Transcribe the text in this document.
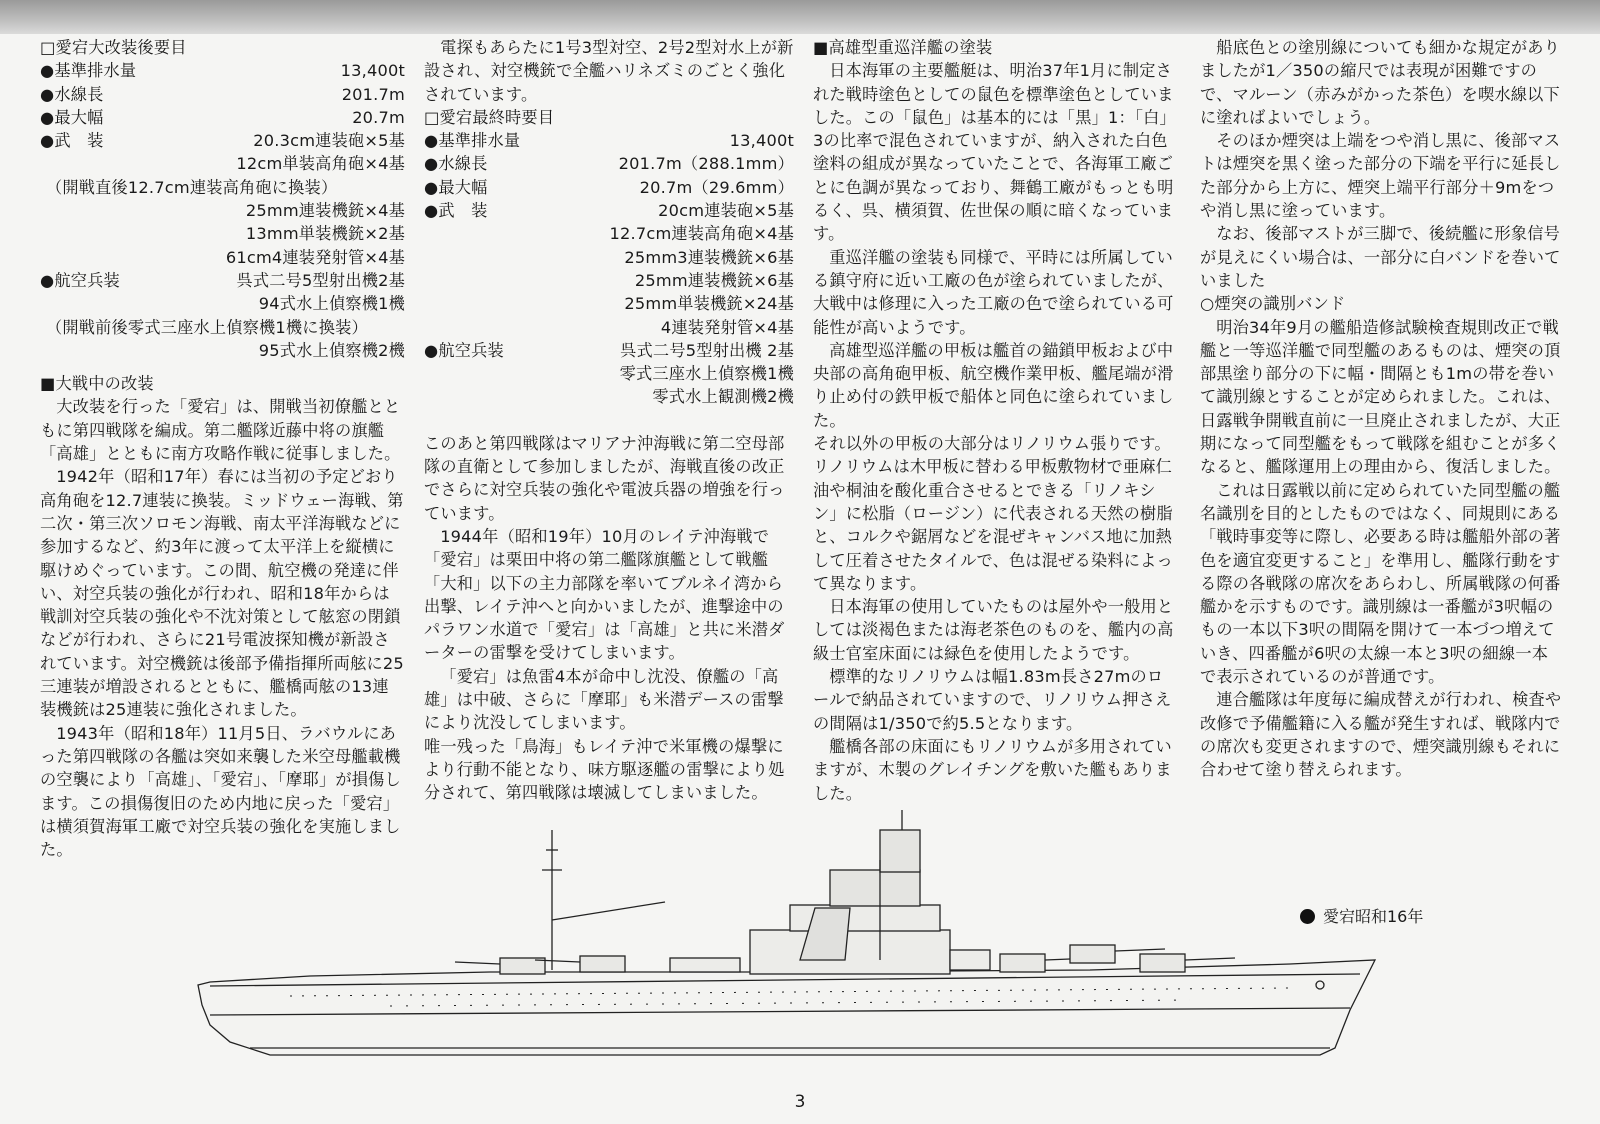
□愛宕大改装後要目

●基準排水量	13,400t

●水線長	201.7m

●最大幅	20.7m

●武　装	20.3cm連装砲×5基

12cm単装高角砲×4基

（開戦直後12.7cm連装高角砲に換装）

25mm連装機銃×4基

13mm単装機銃×2基

61cm4連装発射管×4基

●航空兵装	呉式二号5型射出機2基

94式水上偵察機1機

（開戦前後零式三座水上偵察機1機に換装）

95式水上偵察機2機

■大戦中の改装

大改装を行った「愛宕」は、開戦当初僚艦とともに第四戦隊を編成。第二艦隊近藤中将の旗艦「高雄」とともに南方攻略作戦に従事しました。

1942年（昭和17年）春には当初の予定どおり高角砲を12.7連装に換装。ミッドウェー海戦、第二次・第三次ソロモン海戦、南太平洋海戦などに参加するなど、約3年に渡って太平洋上を縦横に駆けめぐっています。この間、航空機の発達に伴い、対空兵装の強化が行われ、昭和18年からは戦訓対空兵装の強化や不沈対策として舷窓の閉鎖などが行われ、さらに21号電波探知機が新設されています。対空機銃は後部予備指揮所両舷に25三連装が増設されるとともに、艦橋両舷の13連装機銃は25連装に強化されました。

1943年（昭和18年）11月5日、ラバウルにあった第四戦隊の各艦は突如来襲した米空母艦載機の空襲により「高雄」、「愛宕」、「摩耶」が損傷します。この損傷復旧のため内地に戻った「愛宕」は横須賀海軍工廠で対空兵装の強化を実施しました。

電探もあらたに1号3型対空、2号2型対水上が新設され、対空機銃で全艦ハリネズミのごとく強化されています。

□愛宕最終時要目

●基準排水量	13,400t

●水線長	201.7m（288.1mm）

●最大幅	20.7m（29.6mm）

●武　装	20cm連装砲×5基

12.7cm連装高角砲×4基

25mm3連装機銃×6基

25mm連装機銃×6基

25mm単装機銃×24基

4連装発射管×4基

●航空兵装	呉式二号5型射出機 2基

零式三座水上偵察機1機

零式水上観測機2機

このあと第四戦隊はマリアナ沖海戦に第二空母部隊の直衛として参加しましたが、海戦直後の改正でさらに対空兵装の強化や電波兵器の増強を行っています。

1944年（昭和19年）10月のレイテ沖海戦で「愛宕」は栗田中将の第二艦隊旗艦として戦艦「大和」以下の主力部隊を率いてブルネイ湾から出撃、レイテ沖へと向かいましたが、進撃途中のパラワン水道で「愛宕」は「高雄」と共に米潜ダーターの雷撃を受けてしまいます。

「愛宕」は魚雷4本が命中し沈没、僚艦の「高雄」は中破、さらに「摩耶」も米潜デースの雷撃により沈没してしまいます。

唯一残った「鳥海」もレイテ沖で米軍機の爆撃により行動不能となり、味方駆逐艦の雷撃により処分されて、第四戦隊は壊滅してしまいました。

■高雄型重巡洋艦の塗装

日本海軍の主要艦艇は、明治37年1月に制定された戦時塗色としての鼠色を標準塗色としていました。この「鼠色」は基本的には「黒」1：「白」3の比率で混色されていますが、納入された白色塗料の組成が異なっていたことで、各海軍工廠ごとに色調が異なっており、舞鶴工廠がもっとも明るく、呉、横須賀、佐世保の順に暗くなっています。

重巡洋艦の塗装も同様で、平時には所属している鎮守府に近い工廠の色が塗られていましたが、大戦中は修理に入った工廠の色で塗られている可能性が高いようです。

高雄型巡洋艦の甲板は艦首の錨鎖甲板および中央部の高角砲甲板、航空機作業甲板、艦尾端が滑り止め付の鉄甲板で船体と同色に塗られていました。

それ以外の甲板の大部分はリノリウム張りです。リノリウムは木甲板に替わる甲板敷物材で亜麻仁油や桐油を酸化重合させるとできる「リノキシン」に松脂（ロージン）に代表される天然の樹脂と、コルクや鋸屑などを混ぜキャンバス地に加熱して圧着させたタイルで、色は混ぜる染料によって異なります。

日本海軍の使用していたものは屋外や一般用としては淡褐色または海老茶色のものを、艦内の高級士官室床面には緑色を使用したようです。

標準的なリノリウムは幅1.83m長さ27mのロールで納品されていますので、リノリウム押さえの間隔は1/350で約5.5となります。

艦橋各部の床面にもリノリウムが多用されていますが、木製のグレイチングを敷いた艦もありました。

船底色との塗別線についても細かな規定がありましたが1／350の縮尺では表現が困難ですので、マルーン（赤みがかった茶色）を喫水線以下に塗ればよいでしょう。

そのほか煙突は上端をつや消し黒に、後部マストは煙突を黒く塗った部分の下端を平行に延長した部分から上方に、煙突上端平行部分＋9mをつや消し黒に塗っています。

なお、後部マストが三脚で、後続艦に形象信号が見えにくい場合は、一部分に白バンドを巻いていました

○煙突の識別バンド

明治34年9月の艦船造修試験検査規則改正で戦艦と一等巡洋艦で同型艦のあるものは、煙突の頂部黒塗り部分の下に幅・間隔とも1mの帯を巻いて識別線とすることが定められました。これは、日露戦争開戦直前に一旦廃止されましたが、大正期になって同型艦をもって戦隊を組むことが多くなると、艦隊運用上の理由から、復活しました。

これは日露戦以前に定められていた同型艦の艦名識別を目的としたものではなく、同規則にある「戦時事変等に際し、必要ある時は艦船外部の著色を適宜変更すること」を準用し、艦隊行動をする際の各戦隊の席次をあらわし、所属戦隊の何番艦かを示すものです。識別線は一番艦が3呎幅のもの一本以下3呎の間隔を開けて一本づつ増えていき、四番艦が6呎の太線一本と3呎の細線一本で表示されているのが普通です。

連合艦隊は年度毎に編成替えが行われ、検査や改修で予備艦籍に入る艦が発生すれば、戦隊内での席次も変更されますので、煙突識別線もそれに合わせて塗り替えられます。

愛宕昭和16年
3
